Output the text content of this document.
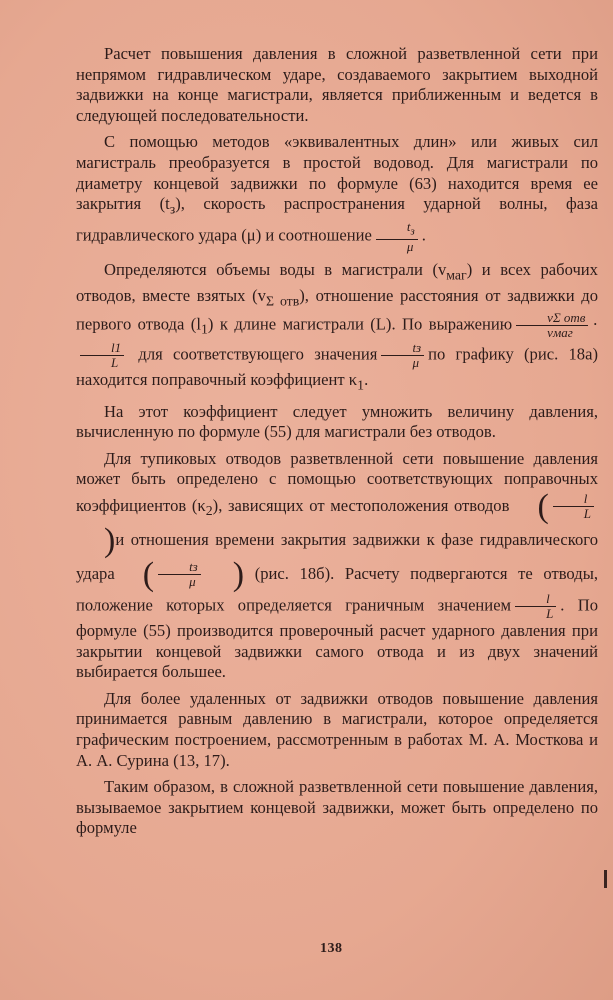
Расчет повышения давления в сложной разветвленной сети при непрямом гидравлическом ударе, создаваемого закрытием выходной задвижки на конце магистрали, является приближенным и ведется в следующей последовательности.

С помощью методов «эквивалентных длин» или живых сил магистраль преобразуется в простой водовод. Для магистрали по диаметру концевой задвижки по формуле (63) находится время ее закрытия $(t_з)$, скорость распространения ударной волны, фаза гидравлического удара (μ) и соотношение $\frac{t_з}{\mu}$ .

Определяются объемы воды в магистрали $(v_{маг})$ и всех рабочих отводов, вместе взятых $(v_{\Sigma отв})$, отношение расстояния от задвижки до первого отвода $(l_1)$ к длине магистрали (L). По выражению $\frac{\text{vΣ отв}}{\text{vмаг}}$ ·
$\frac{l1}{L}$ для соответствующего значения $\frac{tз}{\mu}$ по графику (рис. 18а) находится поправочный коэффициент $\kappa_1$.

На этот коэффициент следует умножить величину давления, вычисленную по формуле (55) для магистрали без отводов.

Для тупиковых отводов разветвленной сети повышение давления может быть определено с помощью соответствующих поправочных коэффициентов $(\kappa_2)$, зависящих от местоположения отводов ( $\frac{l}{L}$
)и отношения времени закрытия задвижки к фазе гидравлического удара ( $\frac{tз}{\mu}$ ) (рис. 18б). Расчету подвергаются те отводы, положение которых определяется граничным значением $\frac{l}{L}$ . По формуле (55) производится проверочный расчет ударного давления при закрытии концевой задвижки самого отвода и из двух значений выбирается большее.

Для более удаленных от задвижки отводов повышение давления принимается равным давлению в магистрали, которое определяется графическим построением, рассмотренным в работах М. А. Мосткова и А. А. Сурина (13, 17).

Таким образом, в сложной разветвленной сети повышение давления, вызываемое закрытием концевой задвижки, может быть определено по формуле

138
